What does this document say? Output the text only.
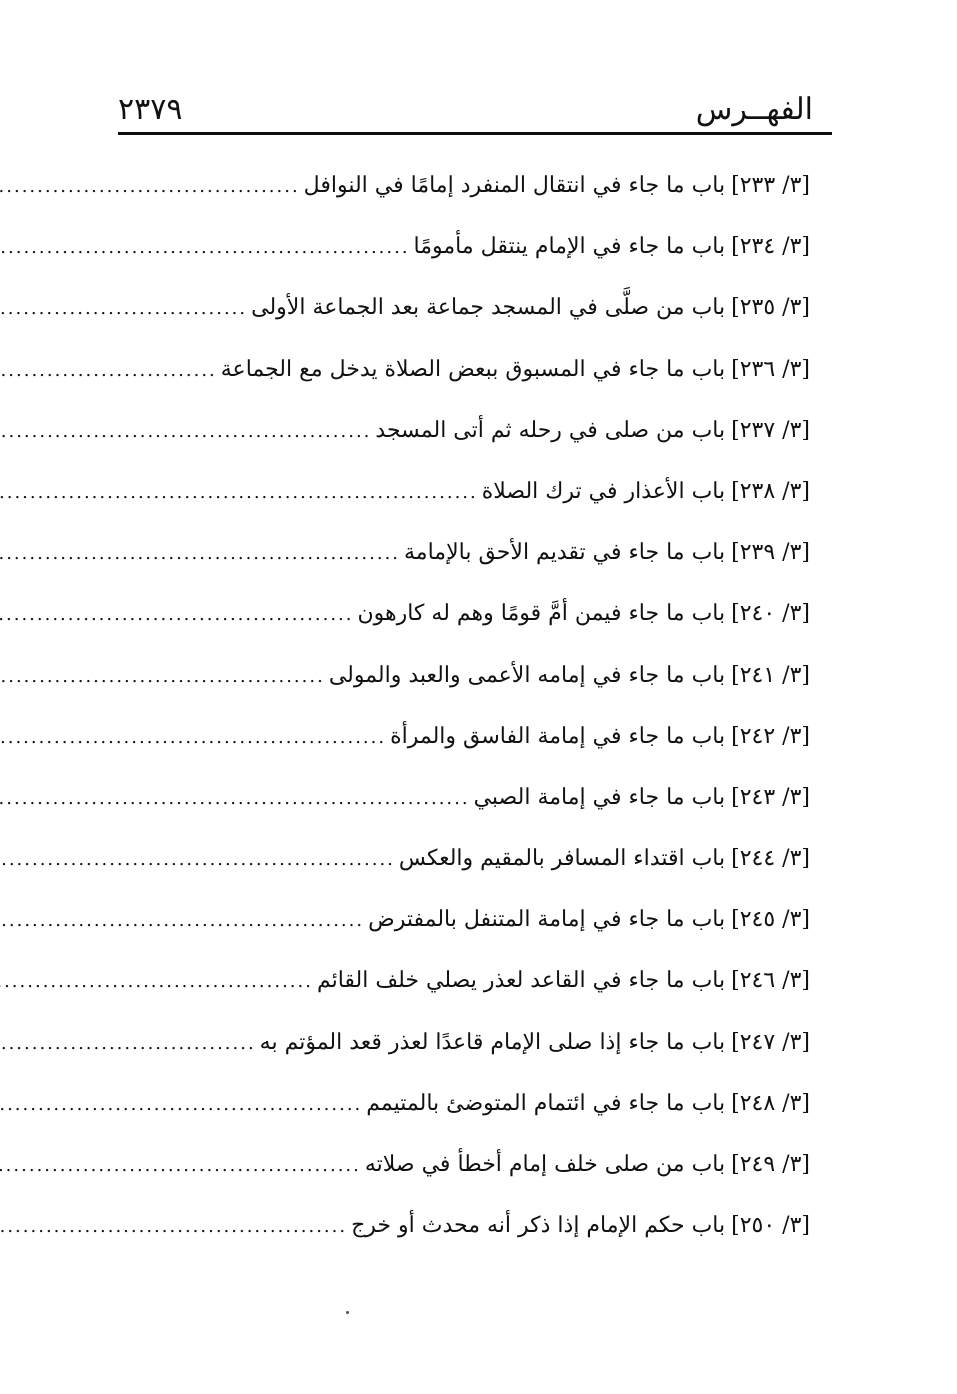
الفهــرس
٢٣٧٩
[٣/ ٢٣٣]
باب ما جاء في انتقال المنفرد إمامًا في النوافل
.....
[٣/ ٢٣٤]
باب ما جاء في الإمام ينتقل مأمومًا
.....
[٣/ ٢٣٥]
باب من صلَّى في المسجد جماعة بعد الجماعة الأولى
.....
[٣/ ٢٣٦]
باب ما جاء في المسبوق ببعض الصلاة يدخل مع الجماعة
.....
[٣/ ٢٣٧]
باب من صلى في رحله ثم أتى المسجد
.....
[٣/ ٢٣٨]
باب الأعذار في ترك الصلاة
.....
[٣/ ٢٣٩]
باب ما جاء في تقديم الأحق بالإمامة
.....
[٣/ ٢٤٠]
باب ما جاء فيمن أمَّ قومًا وهم له كارهون
.....
[٣/ ٢٤١]
باب ما جاء في إمامه الأعمى والعبد والمولى
.....
[٣/ ٢٤٢]
باب ما جاء في إمامة الفاسق والمرأة
.....
[٣/ ٢٤٣]
باب ما جاء في إمامة الصبي
.....
[٣/ ٢٤٤]
باب اقتداء المسافر بالمقيم والعكس
.....
[٣/ ٢٤٥]
باب ما جاء في إمامة المتنفل بالمفترض
.....
[٣/ ٢٤٦]
باب ما جاء في القاعد لعذر يصلي خلف القائم
.....
[٣/ ٢٤٧]
باب ما جاء إذا صلى الإمام قاعدًا لعذر قعد المؤتم به
.....
[٣/ ٢٤٨]
باب ما جاء في ائتمام المتوضئ بالمتيمم
.....
[٣/ ٢٤٩]
باب من صلى خلف إمام أخطأ في صلاته
.....
[٣/ ٢٥٠]
باب حكم الإمام إذا ذكر أنه محدث أو خرج
.....
